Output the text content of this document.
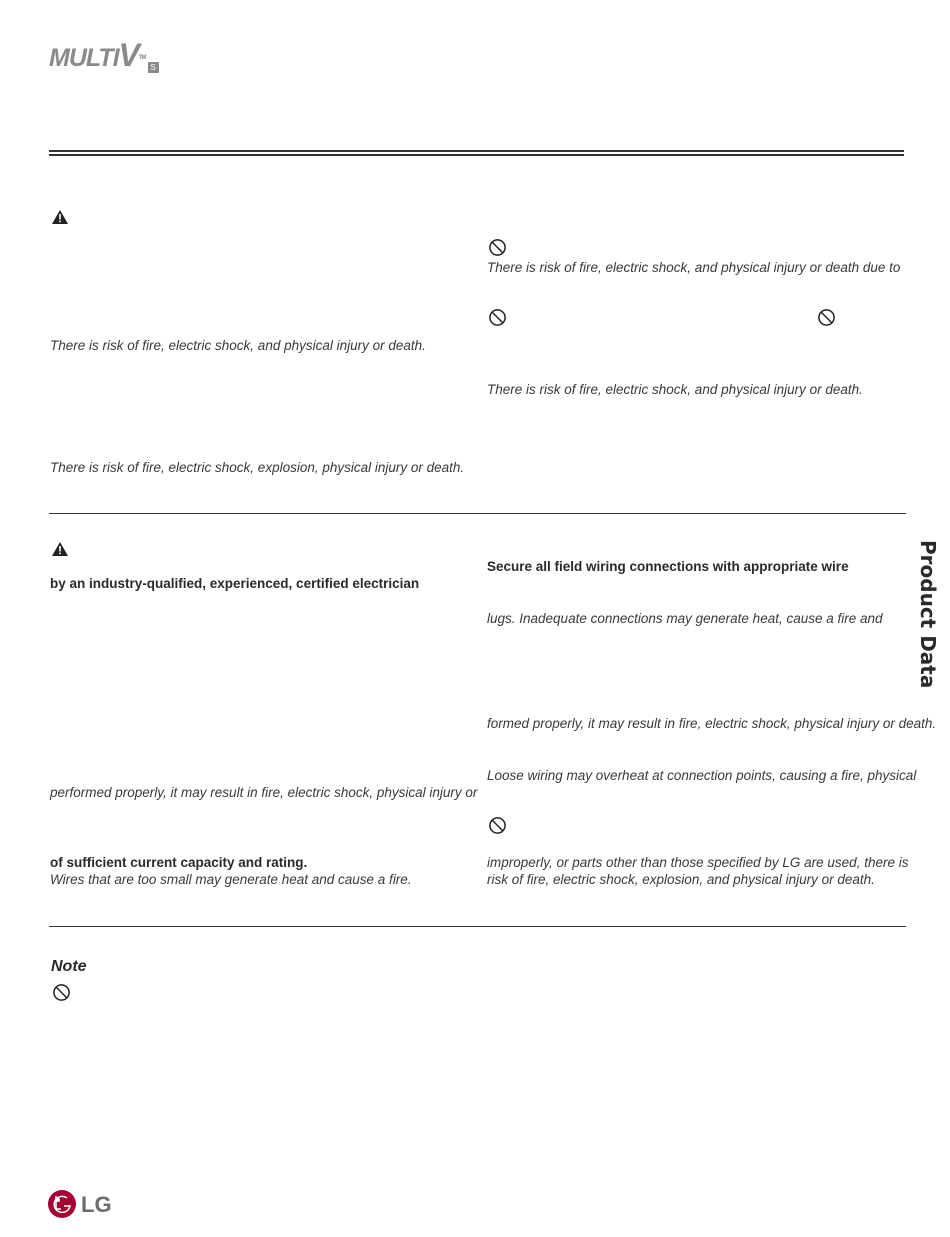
MULTIVTMS
There is risk of fire, electric shock, and physical injury or death due to
There is risk of fire, electric shock, and physical injury or death.
There is risk of fire, electric shock, and physical injury or death.
There is risk of fire, electric shock, explosion, physical injury or death.
Secure all field wiring connections with appropriate wire
by an industry-qualified, experienced, certified electrician
lugs. Inadequate connections may generate heat, cause a fire and
formed properly, it may result in fire, electric shock, physical injury or death.
Loose wiring may overheat at connection points, causing a fire, physical
performed properly, it may result in fire, electric shock, physical injury or
of sufficient current capacity and rating.	improperly, or parts other than those specified by LG are used, there is
Wires that are too small may generate heat and cause a fire.	risk of fire, electric shock, explosion, and physical injury or death.
Note
Product Data
LG
